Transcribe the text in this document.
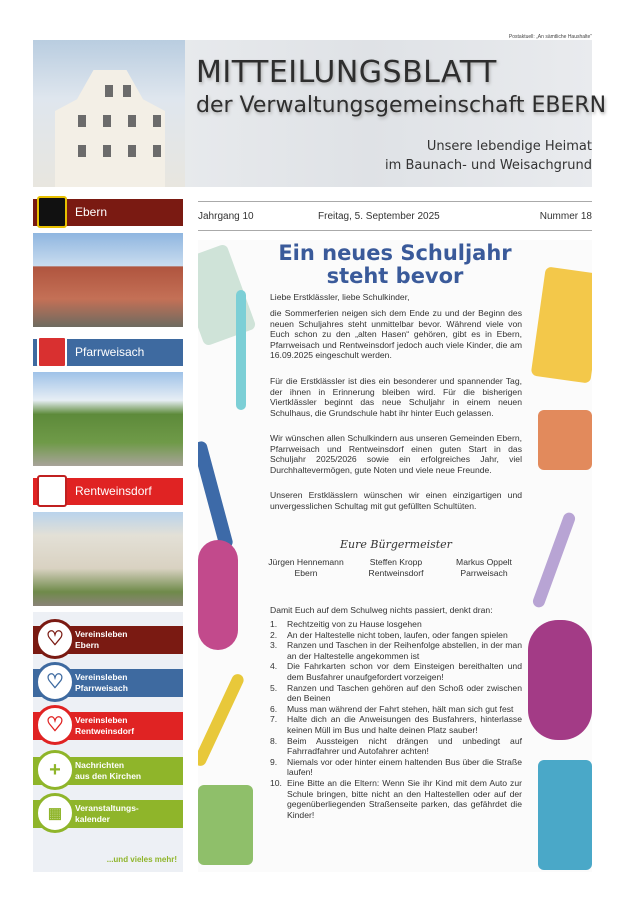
Postaktuell: „An sämtliche Haushalte“
MITTEILUNGSBLATT
der Verwaltungsgemeinschaft EBERN
Unsere lebendige Heimat
im Baunach- und Weisachgrund
Jahrgang 10	Freitag, 5. September 2025	Nummer 18
Ebern
Pfarrweisach
Rentweinsdorf
♡	Vereinsleben
Ebern
♡	Vereinsleben
Pfarrweisach
♡	Vereinsleben
Rentweinsdorf
+	Nachrichten
aus den Kirchen
▦	Veranstaltungs-
kalender
...und vieles mehr!
Ein neues Schuljahr
steht bevor
Liebe Erstklässler, liebe Schulkinder,
die Sommerferien neigen sich dem Ende zu und der Beginn des neuen Schuljahres steht unmittelbar bevor. Während viele von Euch schon zu den „alten Hasen“ gehören, gibt es in Ebern, Pfarrweisach und Rentweinsdorf jedoch auch viele Kinder, die am 16.09.2025 eingeschult werden.
Für die Erstklässler ist dies ein besonderer und spannender Tag, der ihnen in Erinnerung bleiben wird. Für die bisherigen Viertklässler beginnt das neue Schuljahr in einem neuen Schulhaus, die Grundschule habt ihr hinter Euch gelassen.
Wir wünschen allen Schulkindern aus unseren Gemeinden Ebern, Pfarrweisach und Rentweinsdorf einen guten Start in das Schuljahr 2025/2026 sowie ein erfolgreiches Jahr, viel Durchhaltevermögen, gute Noten und viele neue Freunde.
Unseren Erstklässlern wünschen wir einen einzigartigen und unvergesslichen Schultag mit gut gefüllten Schultüten.
Eure Bürgermeister
Jürgen Hennemann
Ebern
Steffen Kropp
Rentweinsdorf
Markus Oppelt
Parrweisach
Damit Euch auf dem Schulweg nichts passiert, denkt dran:
1.	Rechtzeitig von zu Hause losgehen
2.	An der Haltestelle nicht toben, laufen, oder fangen spielen
3.	Ranzen und Taschen in der Reihenfolge abstellen, in der man an der Haltestelle angekommen ist
4.	Die Fahrkarten schon vor dem Einsteigen bereithalten und dem Busfahrer unaufgefordert vorzeigen!
5.	Ranzen und Taschen gehören auf den Schoß oder zwischen den Beinen
6.	Muss man während der Fahrt stehen, hält man sich gut fest
7.	Halte dich an die Anweisungen des Busfahrers, hinterlasse keinen Müll im Bus und halte deinen Platz sauber!
8.	Beim Aussteigen nicht drängen und unbedingt auf Fahrradfahrer und Autofahrer achten!
9.	Niemals vor oder hinter einem haltenden Bus über die Straße laufen!
10. Eine Bitte an die Eltern: Wenn Sie ihr Kind mit dem Auto zur Schule bringen, bitte nicht an den Haltestellen oder auf der gegenüberliegenden Straßenseite parken, das gefährdet die Kinder!
